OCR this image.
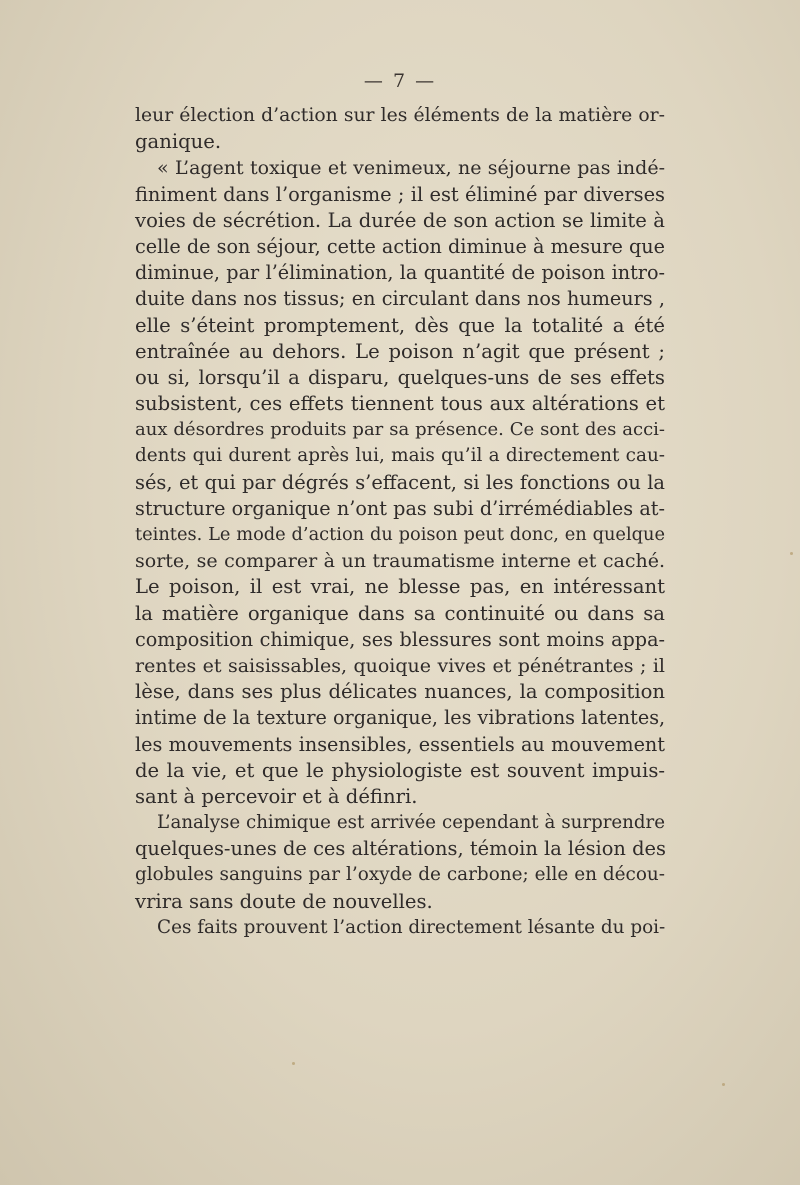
— 7 —
leur élection d’action sur les éléments de la matière or-
ganique.
« L’agent toxique et venimeux, ne séjourne pas indé-
finiment dans l’organisme ; il est éliminé par diverses
voies de sécrétion. La durée de son action se limite à
celle de son séjour, cette action diminue à mesure que
diminue, par l’élimination, la quantité de poison intro-
duite dans nos tissus; en circulant dans nos humeurs ,
elle s’éteint promptement, dès que la totalité a été
entraînée au dehors. Le poison n’agit que présent ;
ou si, lorsqu’il a disparu, quelques-uns de ses effets
subsistent, ces effets tiennent tous aux altérations et
aux désordres produits par sa présence. Ce sont des acci-
dents qui durent après lui, mais qu’il a directement cau-
sés, et qui par dégrés s’effacent, si les fonctions ou la
structure organique n’ont pas subi d’irrémédiables at-
teintes. Le mode d’action du poison peut donc, en quelque
sorte, se comparer à un traumatisme interne et caché.
Le poison, il est vrai, ne blesse pas, en intéressant
la matière organique dans sa continuité ou dans sa
composition chimique, ses blessures sont moins appa-
rentes et saisissables, quoique vives et pénétrantes ; il
lèse, dans ses plus délicates nuances, la composition
intime de la texture organique, les vibrations latentes,
les mouvements insensibles, essentiels au mouvement
de la vie, et que le physiologiste est souvent impuis-
sant à percevoir et à définri.
L’analyse chimique est arrivée cependant à surprendre
quelques-unes de ces altérations, témoin la lésion des
globules sanguins par l’oxyde de carbone; elle en décou-
vrira sans doute de nouvelles.
Ces faits prouvent l’action directement lésante du poi-
